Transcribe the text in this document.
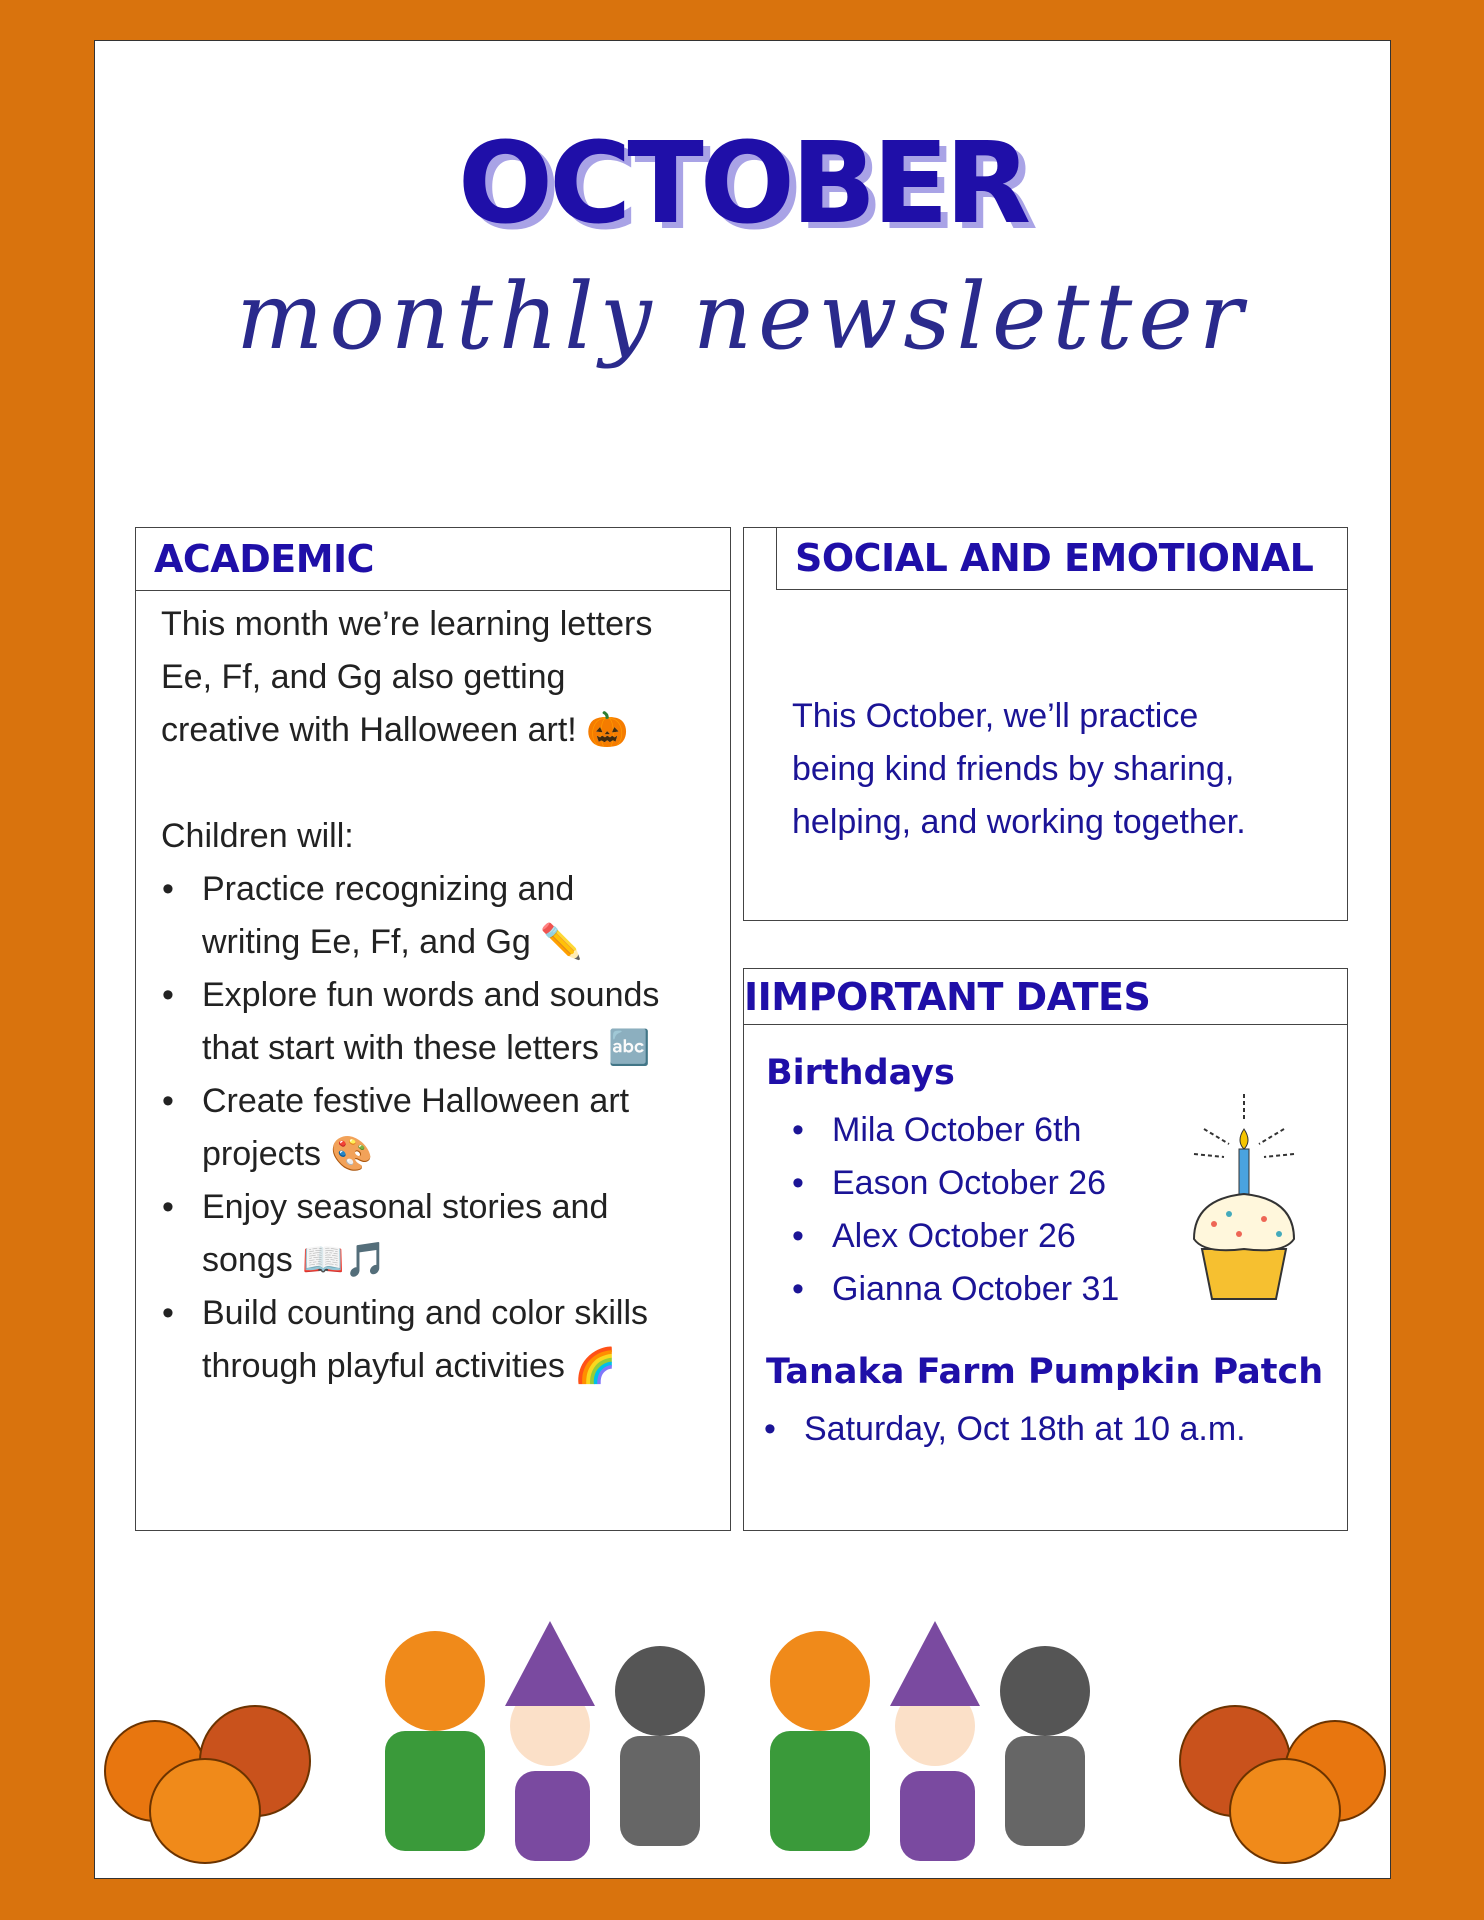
OCTOBER
monthly newsletter
ACADEMIC
This month we’re learning letters
Ee, Ff, and Gg also getting
creative with Halloween art! 🎃
Children will:
• Practice recognizing and writing Ee, Ff, and Gg ✏️
• Explore fun words and sounds that start with these letters 🔤
• Create festive Halloween art projects 🎨
• Enjoy seasonal stories and songs 📖🎵
• Build counting and color skills through playful activities 🌈
SOCIAL AND EMOTIONAL
This October, we’ll practice
being kind friends by sharing,
helping, and working together.
IIMPORTANT DATES
Birthdays
• Mila October 6th
• Eason October 26
• Alex October 26
• Gianna October 31
Tanaka Farm Pumpkin Patch
• Saturday, Oct 18th at 10 a.m.
